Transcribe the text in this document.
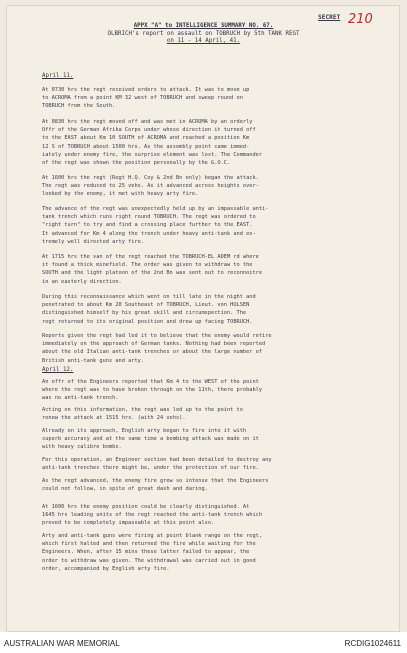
SECRET 210
APPX "A" to INTELLIGENCE SUMMARY NO. 67.
OLBRICH's report on assault on TOBRUCH by 5th TANK REGT
on 11 - 14 April, 41.
April 11.
At 0730 hrs the regt received orders to attack. It was to move up
to ACROMA from a point KM 32 west of TOBRUCH and sweep round on
TOBRUCH from the South.
At 0830 hrs the regt moved off and was met in ACROMA by an orderly
Offr of the German Afrika Corps under whose direction it turned off
to the EAST about Km 10 SOUTH of ACROMA and reached a position Km
12 S of TOBRUCH about 1500 hrs. As the assembly point came immed-
iately under enemy fire, the surprise element was lost. The Commander
of the regt was shown the position personally by the G.O.C.
At 1600 hrs the regt (Regt H.Q. Coy & 2nd Bn only) began the attack.
The regt was reduced to 25 vehs. As it advanced across heights over-
looked by the enemy, it met with heavy arty fire.
The advance of the regt was unexpectedly held up by an impassable anti-
tank trench which runs right round TOBRUCH. The regt was ordered to
"right turn" to try and find a crossing place further to the EAST.
It advanced for Km 4 along the trench under heavy anti-tank and ex-
tremely well directed arty fire.
At 1715 hrs the van of the regt reached the TOBRUCH-EL ADEM rd where
it found a thick minefield. The order was given to withdraw to the
SOUTH and the light platoon of the 2nd Bn was sent out to reconnoitre
in an easterly direction.
During this reconnaissance which went on till late in the night and
penetrated to about Km 20 Southeast of TOBRUCH, Lieut. von HULSEN
distinguished himself by his great skill and circumspection. The
regt returned to its original position and drew up facing TOBRUCH.
Reports given the regt had led it to believe that the enemy would retire
immediately on the approach of German tanks. Nothing had been reported
about the old Italian anti-tank trenches or about the large number of
British anti-tank guns and arty.
April 12.
An offr of the Engineers reported that Km 4 to the WEST of the point
where the regt was to have broken through on the 11th, there probably
was no anti-tank trench.
Acting on this information, the regt was led up to the point to
renew the attack at 1515 hrs. (with 24 vehs).
Already on its approach, English arty began to fire into it with
superb accuracy and at the same time a bombing attack was made on it
with heavy calibre bombs.
For this operation, an Engineer section had been detailed to destroy any
anti-tank trenches there might be, under the protection of our fire.
As the regt advanced, the enemy fire grew so intense that the Engineers
could not follow, in spite of great dash and daring.
At 1600 hrs the enemy position could be clearly distinguished. At
1645 hrs leading units of the regt reached the anti-tank trench which
proved to be completely impassable at this point also.
Arty and anti-tank guns were firing at point blank range on the regt,
which first halted and then returned the fire while waiting for the
Engineers. When, after 15 mins these latter failed to appear, the
order to withdraw was given. The withdrawal was carried out in good
order, accompanied by English arty fire.
AUSTRALIAN WAR MEMORIAL	RCDIG1024611
